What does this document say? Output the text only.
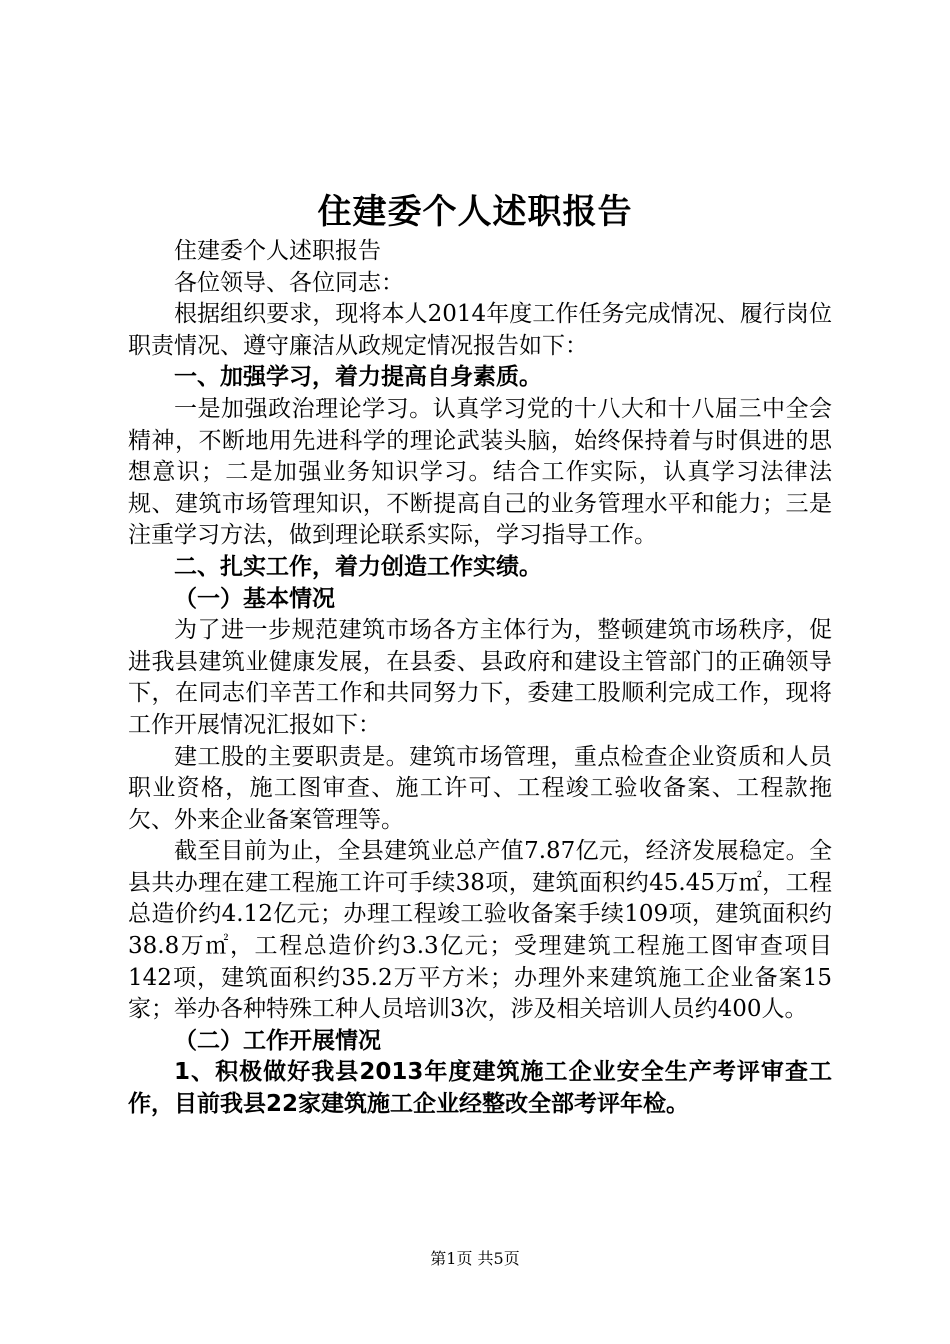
住建委个人述职报告

住建委个人述职报告

各位领导、各位同志：

根据组织要求，现将本人2014年度工作任务完成情况、履行岗位职责情况、遵守廉洁从政规定情况报告如下：

一、加强学习，着力提高自身素质。

一是加强政治理论学习。认真学习党的十八大和十八届三中全会精神，不断地用先进科学的理论武装头脑，始终保持着与时俱进的思想意识；二是加强业务知识学习。结合工作实际，认真学习法律法规、建筑市场管理知识，不断提高自己的业务管理水平和能力；三是注重学习方法，做到理论联系实际，学习指导工作。

二、扎实工作，着力创造工作实绩。

（一）基本情况

为了进一步规范建筑市场各方主体行为，整顿建筑市场秩序，促进我县建筑业健康发展，在县委、县政府和建设主管部门的正确领导下，在同志们辛苦工作和共同努力下，委建工股顺利完成工作，现将工作开展情况汇报如下：

建工股的主要职责是。建筑市场管理，重点检查企业资质和人员职业资格，施工图审查、施工许可、工程竣工验收备案、工程款拖欠、外来企业备案管理等。

截至目前为止，全县建筑业总产值7.87亿元，经济发展稳定。全县共办理在建工程施工许可手续38项，建筑面积约45.45万㎡，工程总造价约4.12亿元；办理工程竣工验收备案手续109项，建筑面积约38.8万㎡，工程总造价约3.3亿元；受理建筑工程施工图审查项目142项，建筑面积约35.2万平方米；办理外来建筑施工企业备案15家；举办各种特殊工种人员培训3次，涉及相关培训人员约400人。

（二）工作开展情况

1、积极做好我县2013年度建筑施工企业安全生产考评审查工作，目前我县22家建筑施工企业经整改全部考评年检。

第1页 共5页
